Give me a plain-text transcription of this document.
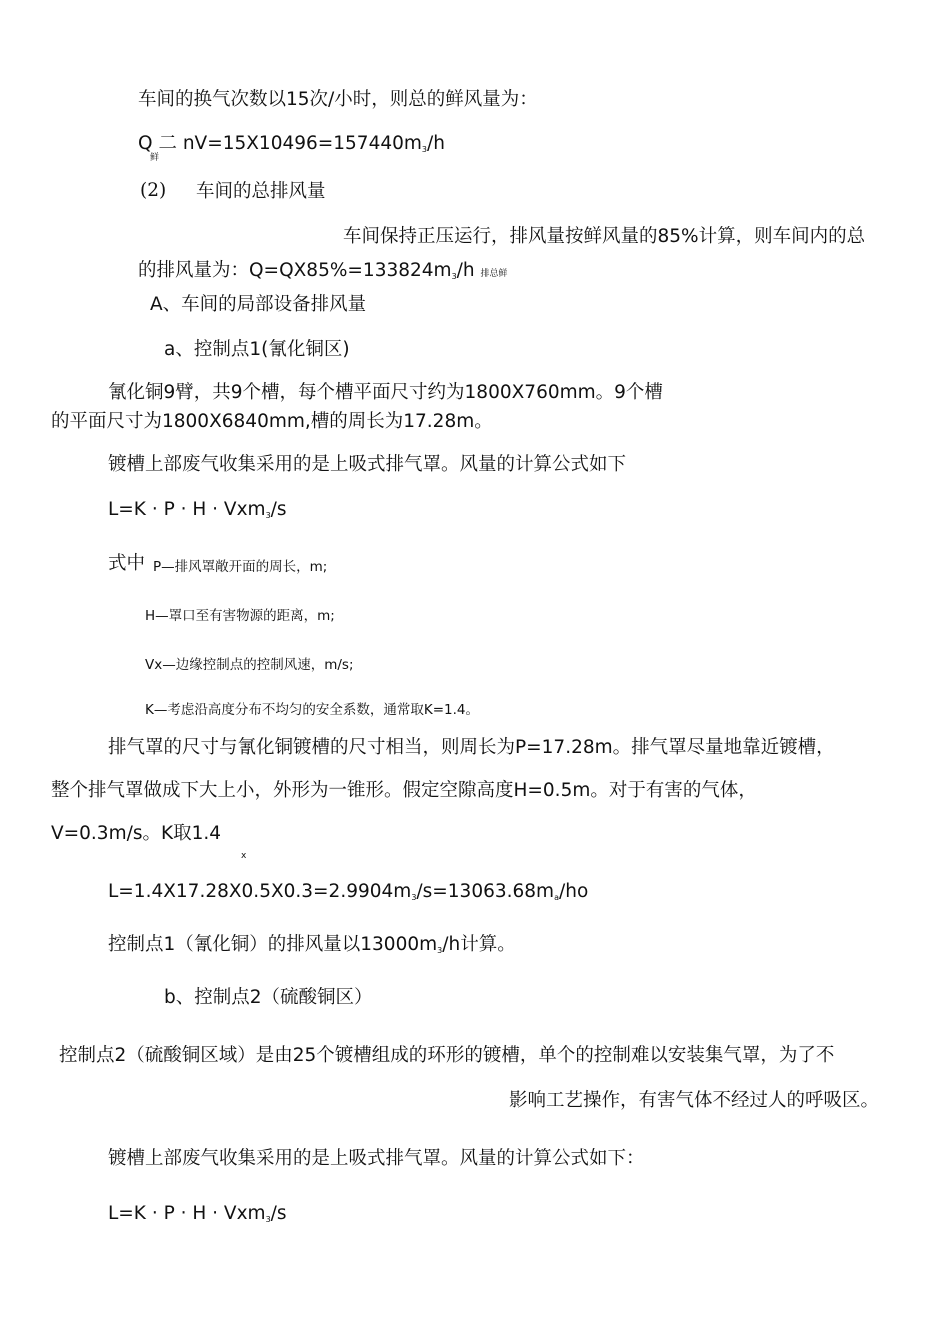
车间的换气次数以15次/小时，则总的鲜风量为：
Q 二 nV=15X10496=157440m3/h
鲜
(2) 车间的总排风量
车间保持正压运行，排风量按鲜风量的85%计算，则车间内的总
的排风量为：Q=QX85%=133824m3/h 排总鲜
A、车间的局部设备排风量
a、控制点1(氰化铜区)
氰化铜9臂，共9个槽，每个槽平面尺寸约为1800X760mm。9个槽
的平面尺寸为1800X6840mm,槽的周长为17.28m。
镀槽上部废气收集采用的是上吸式排气罩。风量的计算公式如下
L=K · P · H · Vxm3/s
式中 P—排风罩敞开面的周长，m;
H—罩口至有害物源的距离，m;
Vx—边缘控制点的控制风速，m/s;
K—考虑沿高度分布不均匀的安全系数，通常取K=1.4。
排气罩的尺寸与氰化铜镀槽的尺寸相当，则周长为P=17.28m。排气罩尽量地靠近镀槽，
整个排气罩做成下大上小，外形为一锥形。假定空隙高度H=0.5m。对于有害的气体，
V=0.3m/s。K取1.4
x
L=1.4X17.28X0.5X0.3=2.9904m3/s=13063.68ma/ho
控制点1（氰化铜）的排风量以13000m3/h计算。
b、控制点2（硫酸铜区）
控制点2（硫酸铜区域）是由25个镀槽组成的环形的镀槽，单个的控制难以安装集气罩，为了不
影响工艺操作，有害气体不经过人的呼吸区。
镀槽上部废气收集采用的是上吸式排气罩。风量的计算公式如下：
L=K · P · H · Vxm3/s
